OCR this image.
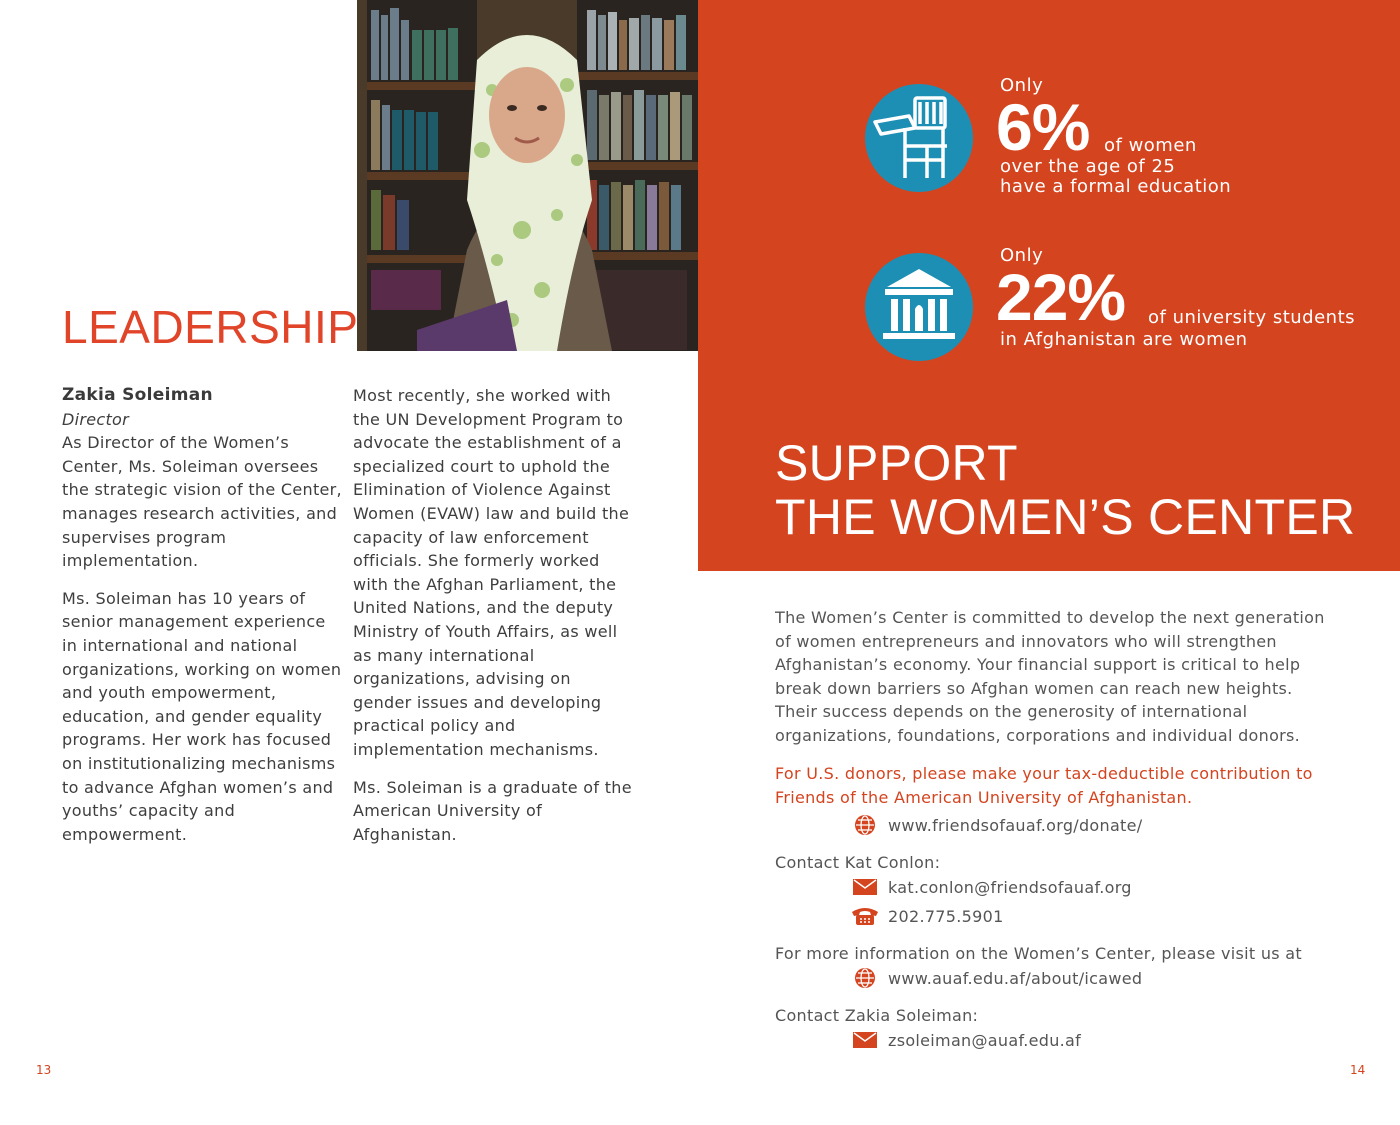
LEADERSHIP
Zakia Soleiman
Director

As Director of the Women’s Center, Ms. Soleiman oversees the strategic vision of the Center, manages research activities, and supervises program implementation.

Ms. Soleiman has 10 years of senior management experience in international and national organizations, working on women and youth empowerment, education, and gender equality programs. Her work has focused on institutionalizing mechanisms to advance Afghan women’s and youths’ capacity and empowerment.

Most recently, she worked with the UN Development Program to advocate the establishment of a specialized court to uphold the Elimination of Violence Against Women (EVAW) law and build the capacity of law enforcement officials. She formerly worked with the Afghan Parliament, the United Nations, and the deputy Ministry of Youth Affairs, as well as many international organizations, advising on gender issues and developing practical policy and implementation mechanisms.

Ms. Soleiman is a graduate of the American University of Afghanistan.

13
Only
6% of women
over the age of 25
have a formal education
Only
22% of university students
in Afghanistan are women
SUPPORT
THE WOMEN’S CENTER
The Women’s Center is committed to develop the next generation of women entrepreneurs and innovators who will strengthen Afghanistan’s economy. Your financial support is critical to help break down barriers so Afghan women can reach new heights. Their success depends on the generosity of international organizations, foundations, corporations and individual donors.
For U.S. donors, please make your tax-deductible contribution to Friends of the American University of Afghanistan.
www.friendsofauaf.org/donate/
Contact Kat Conlon:
kat.conlon@friendsofauaf.org
202.775.5901
For more information on the Women’s Center, please visit us at
www.auaf.edu.af/about/icawed
Contact Zakia Soleiman:
zsoleiman@auaf.edu.af
14
